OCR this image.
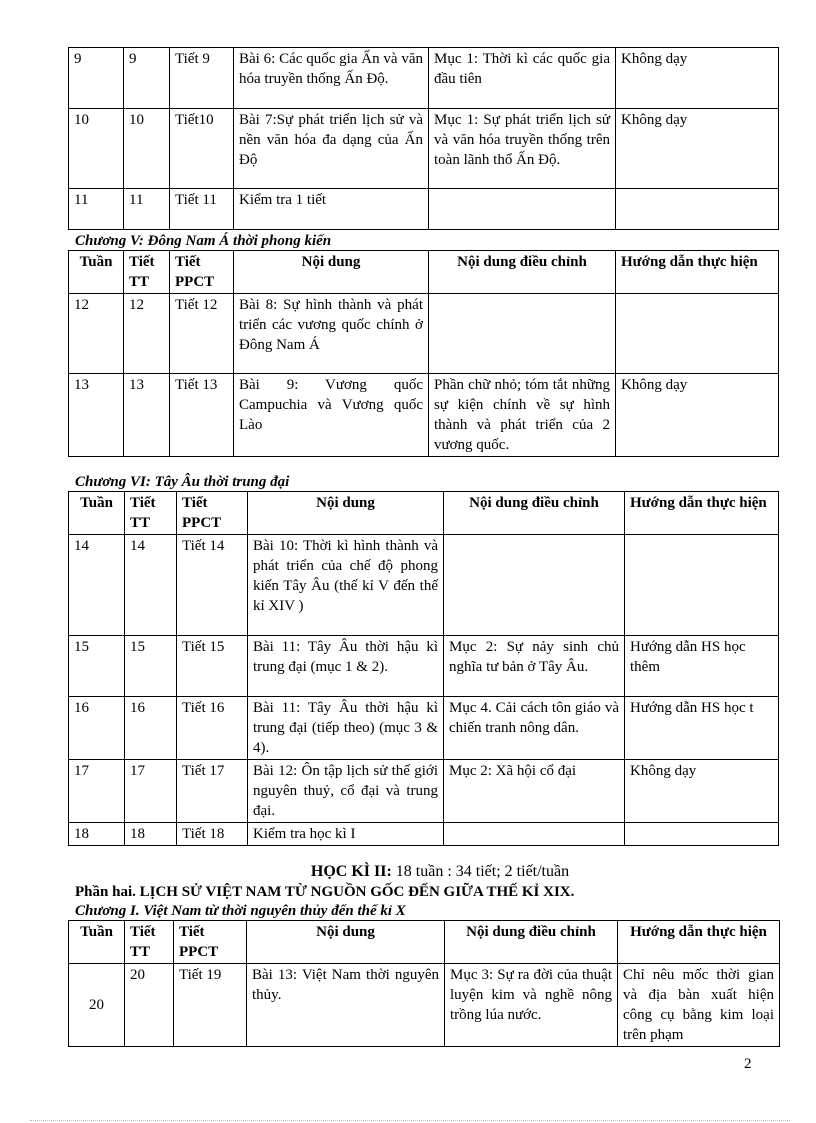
9	9	Tiết 9	Bài 6: Các quốc gia Ấn và văn hóa truyền thống Ấn Độ.	Mục 1: Thời kì các quốc gia đầu tiên	Không dạy
10	10	Tiết10	Bài 7:Sự phát triển lịch sử và nền văn hóa đa dạng của Ấn Độ	Mục 1: Sự phát triển lịch sử và văn hóa truyền thống trên toàn lãnh thổ Ấn Độ.	Không dạy
11	11	Tiết 11	Kiểm tra 1 tiết		
Chương V: Đông Nam Á thời phong kiến
Tuần	Tiết TT	Tiết PPCT	Nội dung	Nội dung điều chỉnh	Hướng dẫn thực hiện
12	12	Tiết 12	Bài 8: Sự hình thành và phát triển các vương quốc chính ở Đông Nam Á		
13	13	Tiết 13	Bài 9: Vương quốc Campuchia và Vương quốc Lào	Phần chữ nhỏ; tóm tắt những sự kiện chính về sự hình thành và phát triển của 2 vương quốc.	Không dạy
Chương VI: Tây Âu thời trung đại
Tuần	Tiết TT	Tiết PPCT	Nội dung	Nội dung điều chỉnh	Hướng dẫn thực hiện
14	14	Tiết 14	Bài 10: Thời kì hình thành và phát triển của chế độ phong kiến Tây Âu (thế kỉ V đến thế kỉ XIV )		
15	15	Tiết 15	Bài 11: Tây Âu thời hậu kì trung đại (mục 1 & 2).	Mục 2: Sự nảy sinh chủ nghĩa tư bản ở Tây Âu.	Hướng dẫn HS học thêm
16	16	Tiết 16	Bài 11: Tây Âu thời hậu kì trung đại (tiếp theo) (mục 3 & 4).	Mục 4. Cải cách tôn giáo và chiến tranh nông dân.	Hướng dẫn HS học t
17	17	Tiết 17	Bài 12: Ôn tập lịch sử thế giới nguyên thuỷ, cổ đại và trung đại.	Mục 2: Xã hội cổ đại	Không dạy
18	18	Tiết 18	Kiểm tra học kì I		
HỌC KÌ II: 18 tuần : 34 tiết; 2 tiết/tuần
Phần hai. LỊCH SỬ VIỆT NAM TỪ NGUỒN GỐC ĐẾN GIỮA THẾ KỈ XIX.
Chương I. Việt Nam từ thời nguyên thủy đến thế kỉ X
Tuần	Tiết TT	Tiết PPCT	Nội dung	Nội dung điều chỉnh	Hướng dẫn thực hiện
20	20	Tiết 19	Bài 13: Việt Nam thời nguyên thủy.	Mục 3: Sự ra đời của thuật luyện kim và nghề nông trồng lúa nước.	Chỉ nêu mốc thời gian và địa bàn xuất hiện công cụ bằng kim loại trên phạm
2
